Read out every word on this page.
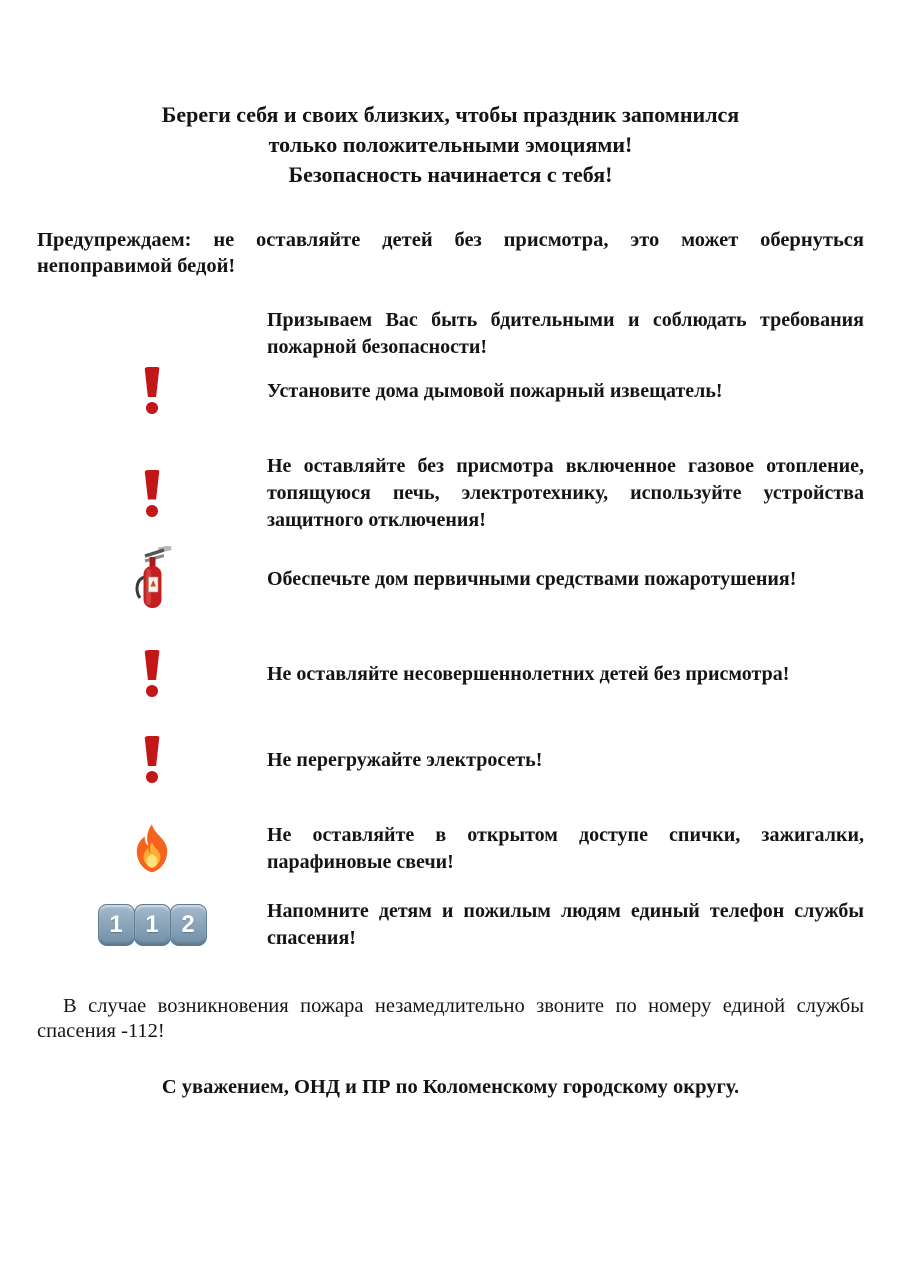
Береги себя и своих близких, чтобы праздник запомнился
только положительными эмоциями!
Безопасность начинается с тебя!

Предупреждаем: не оставляйте детей без присмотра, это может обернуться непоправимой бедой!

Призываем Вас быть бдительными и соблюдать требования пожарной безопасности!
Установите дома дымовой пожарный извещатель!
Не оставляйте без присмотра включенное газовое отопление, топящуюся печь, электротехнику, используйте устройства защитного отключения!
Обеспечьте дом первичными средствами пожаротушения!
Не оставляйте несовершеннолетних детей без присмотра!
Не перегружайте электросеть!
Не оставляйте в открытом доступе спички, зажигалки, парафиновые свечи!
1 1 2	Напомните детям и пожилым людям единый телефон службы спасения!

В случае возникновения пожара незамедлительно звоните по номеру единой службы спасения -112!

С уважением, ОНД и ПР по Коломенскому городскому округу.
